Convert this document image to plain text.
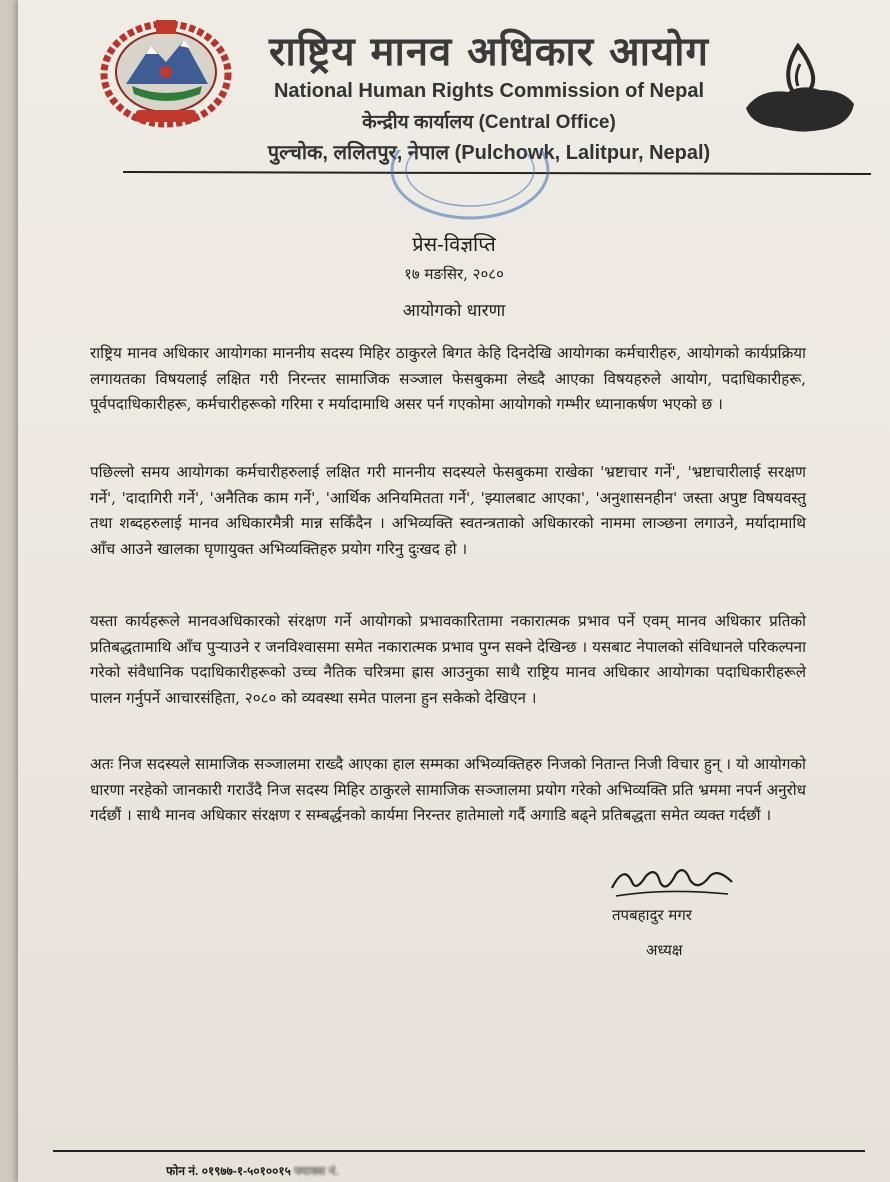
राष्ट्रिय मानव अधिकार आयोग
National Human Rights Commission of Nepal
केन्द्रीय कार्यालय (Central Office)
पुल्चोक, ललितपुर, नेपाल (Pulchowk, Lalitpur, Nepal)
प्रेस-विज्ञप्ति
१७ मङसिर, २०८०
आयोगको धारणा

राष्ट्रिय मानव अधिकार आयोगका माननीय सदस्य मिहिर ठाकुरले बिगत केहि दिनदेखि आयोगका कर्मचारीहरु, आयोगको कार्यप्रक्रिया लगायतका विषयलाई लक्षित गरी निरन्तर सामाजिक सञ्जाल फेसबुकमा लेख्दै आएका विषयहरुले आयोग, पदाधिकारीहरू, पूर्वपदाधिकारीहरू, कर्मचारीहरूको गरिमा र मर्यादामाथि असर पर्न गएकोमा आयोगको गम्भीर ध्यानाकर्षण भएको छ ।

पछिल्लो समय आयोगका कर्मचारीहरुलाई लक्षित गरी माननीय सदस्यले फेसबुकमा राखेका 'भ्रष्टाचार गर्ने', 'भ्रष्टाचारीलाई सरक्षण गर्ने', 'दादागिरी गर्ने', 'अनैतिक काम गर्ने', 'आर्थिक अनियमितता गर्ने', 'झ्यालबाट आएका', 'अनुशासनहीन' जस्ता अपुष्ट विषयवस्तु तथा शब्दहरुलाई मानव अधिकारमैत्री मान्न सकिँदैन । अभिव्यक्ति स्वतन्त्रताको अधिकारको नाममा लाञ्छना लगाउने, मर्यादामाथि आँच आउने खालका घृणायुक्त अभिव्यक्तिहरु प्रयोग गरिनु दुःखद हो ।

यस्ता कार्यहरूले मानवअधिकारको संरक्षण गर्ने आयोगको प्रभावकारितामा नकारात्मक प्रभाव पर्ने एवम् मानव अधिकार प्रतिको प्रतिबद्धतामाथि आँच पुऱ्याउने र जनविश्वासमा समेत नकारात्मक प्रभाव पुग्न सक्ने देखिन्छ । यसबाट नेपालको संविधानले परिकल्पना गरेको संवैधानिक पदाधिकारीहरूको उच्च नैतिक चरित्रमा ह्रास आउनुका साथै राष्ट्रिय मानव अधिकार आयोगका पदाधिकारीहरूले पालन गर्नुपर्ने आचारसंहिता, २०८० को व्यवस्था समेत पालना हुन सकेको देखिएन ।

अतः निज सदस्यले सामाजिक सञ्जालमा राख्दै आएका हाल सम्मका अभिव्यक्तिहरु निजको नितान्त निजी विचार हुन् । यो आयोगको धारणा नरहेको जानकारी गराउँदै निज सदस्य मिहिर ठाकुरले सामाजिक सञ्जालमा प्रयोग गरेको अभिव्यक्ति प्रति भ्रममा नपर्न अनुरोध गर्दछौं । साथै मानव अधिकार संरक्षण र सम्बर्द्धनको कार्यमा निरन्तर हातेमालो गर्दै अगाडि बढ्ने प्रतिबद्धता समेत व्यक्त गर्दछौं ।

तपबहादुर मगर
अध्यक्ष
फोन नं. ०१९७७-१-५०१००१५ फ्याक्स नं.
